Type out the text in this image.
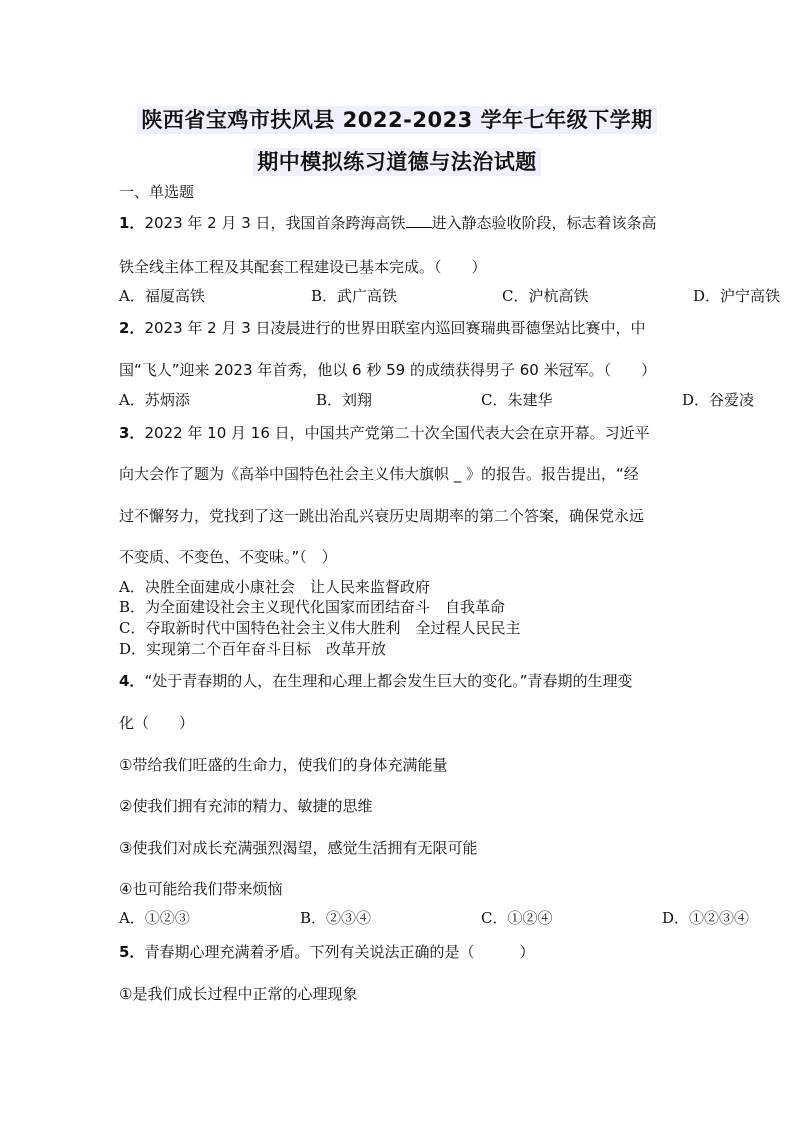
陕西省宝鸡市扶风县 2022-2023 学年七年级下学期
期中模拟练习道德与法治试题
一、单选题
1．2023 年 2 月 3 日，我国首条跨海高铁 进入静态验收阶段，标志着该条高
铁全线主体工程及其配套工程建设已基本完成。（　　）
A．福厦高铁	B．武广高铁	C．沪杭高铁	D．沪宁高铁
2．2023 年 2 月 3 日凌晨进行的世界田联室内巡回赛瑞典哥德堡站比赛中，中
国“飞人”迎来 2023 年首秀，他以 6 秒 59 的成绩获得男子 60 米冠军。（　　）
A．苏炳添	B．刘翔	C．朱建华	D．谷爱凌
3．2022 年 10 月 16 日，中国共产党第二十次全国代表大会在京开幕。习近平
向大会作了题为《高举中国特色社会主义伟大旗帜 _ 》的报告。报告提出，“经
过不懈努力，党找到了这一跳出治乱兴衰历史周期率的第二个答案，确保党永远
不变质、不变色、不变味。”（　）
A．决胜全面建成小康社会　让人民来监督政府
B．为全面建设社会主义现代化国家而团结奋斗　自我革命
C．夺取新时代中国特色社会主义伟大胜利　全过程人民民主
D．实现第二个百年奋斗目标　改革开放
4．“处于青春期的人，在生理和心理上都会发生巨大的变化。”青春期的生理变
化（　　）
①带给我们旺盛的生命力，使我们的身体充满能量
②使我们拥有充沛的精力、敏捷的思维
③使我们对成长充满强烈渴望，感觉生活拥有无限可能
④也可能给我们带来烦恼
A．①②③	B．②③④	C．①②④	D．①②③④
5．青春期心理充满着矛盾。下列有关说法正确的是（　　　）
①是我们成长过程中正常的心理现象
